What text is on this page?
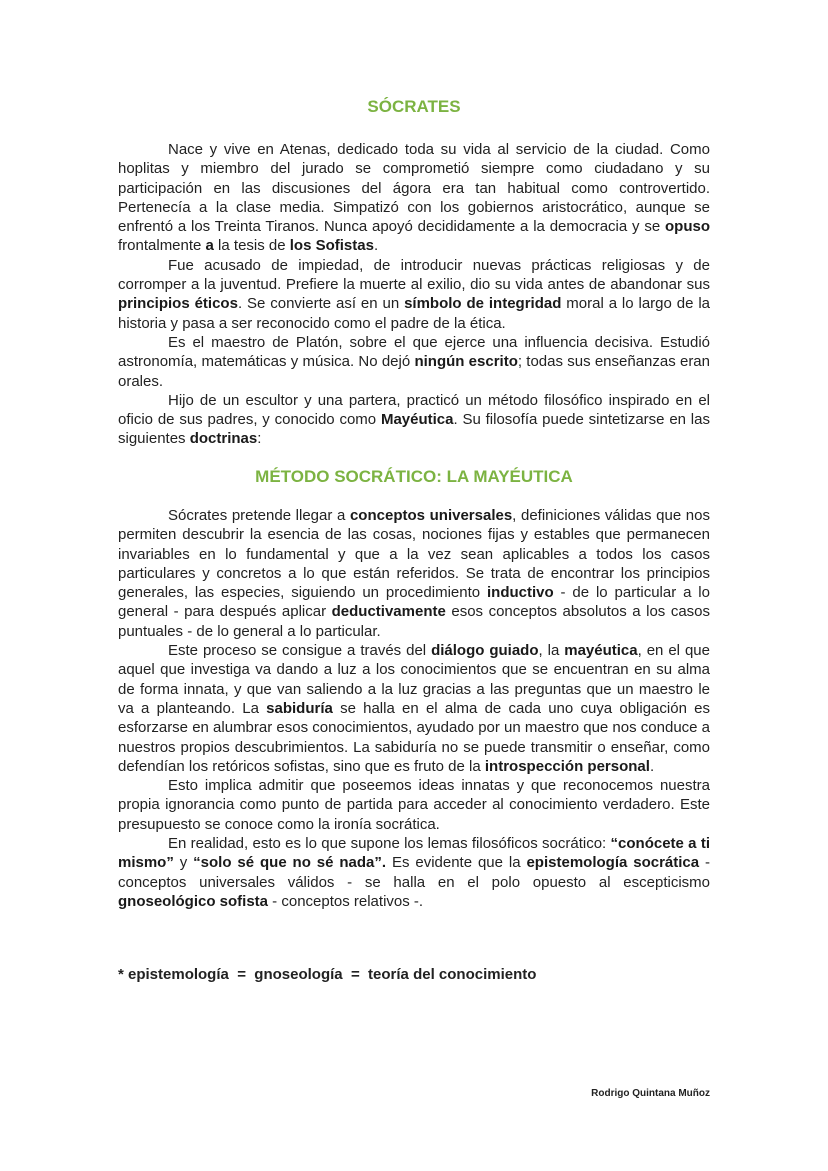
SÓCRATES

Nace y vive en Atenas, dedicado toda su vida al servicio de la ciudad. Como hoplitas y miembro del jurado se comprometió siempre como ciudadano y su participación en las discusiones del ágora era tan habitual como controvertido. Pertenecía a la clase media. Simpatizó con los gobiernos aristocrático, aunque se enfrentó a los Treinta Tiranos. Nunca apoyó decididamente a la democracia y se opuso frontalmente a la tesis de los Sofistas.

Fue acusado de impiedad, de introducir nuevas prácticas religiosas y de corromper a la juventud. Prefiere la muerte al exilio, dio su vida antes de abandonar sus principios éticos. Se convierte así en un símbolo de integridad moral a lo largo de la historia y pasa a ser reconocido como el padre de la ética.

Es el maestro de Platón, sobre el que ejerce una influencia decisiva. Estudió astronomía, matemáticas y música. No dejó ningún escrito; todas sus enseñanzas eran orales.

Hijo de un escultor y una partera, practicó un método filosófico inspirado en el oficio de sus padres, y conocido como Mayéutica. Su filosofía puede sintetizarse en las siguientes doctrinas:

MÉTODO SOCRÁTICO: LA MAYÉUTICA

Sócrates pretende llegar a conceptos universales, definiciones válidas que nos permiten descubrir la esencia de las cosas, nociones fijas y estables que permanecen invariables en lo fundamental y que a la vez sean aplicables a todos los casos particulares y concretos a lo que están referidos. Se trata de encontrar los principios generales, las especies, siguiendo un procedimiento inductivo - de lo particular a lo general - para después aplicar deductivamente esos conceptos absolutos a los casos puntuales - de lo general a lo particular.

Este proceso se consigue a través del diálogo guiado, la mayéutica, en el que aquel que investiga va dando a luz a los conocimientos que se encuentran en su alma de forma innata, y que van saliendo a la luz gracias a las preguntas que un maestro le va a planteando. La sabiduría se halla en el alma de cada uno cuya obligación es esforzarse en alumbrar esos conocimientos, ayudado por un maestro que nos conduce a nuestros propios descubrimientos. La sabiduría no se puede transmitir o enseñar, como defendían los retóricos sofistas, sino que es fruto de la introspección personal.

Esto implica admitir que poseemos ideas innatas y que reconocemos nuestra propia ignorancia como punto de partida para acceder al conocimiento verdadero. Este presupuesto se conoce como la ironía socrática.

En realidad, esto es lo que supone los lemas filosóficos socrático: “conócete a ti mismo” y “solo sé que no sé nada”. Es evidente que la epistemología socrática - conceptos universales válidos - se halla en el polo opuesto al escepticismo gnoseológico sofista - conceptos relativos -.

* epistemología  =  gnoseología  =  teoría del conocimiento
Rodrigo Quintana Muñoz
